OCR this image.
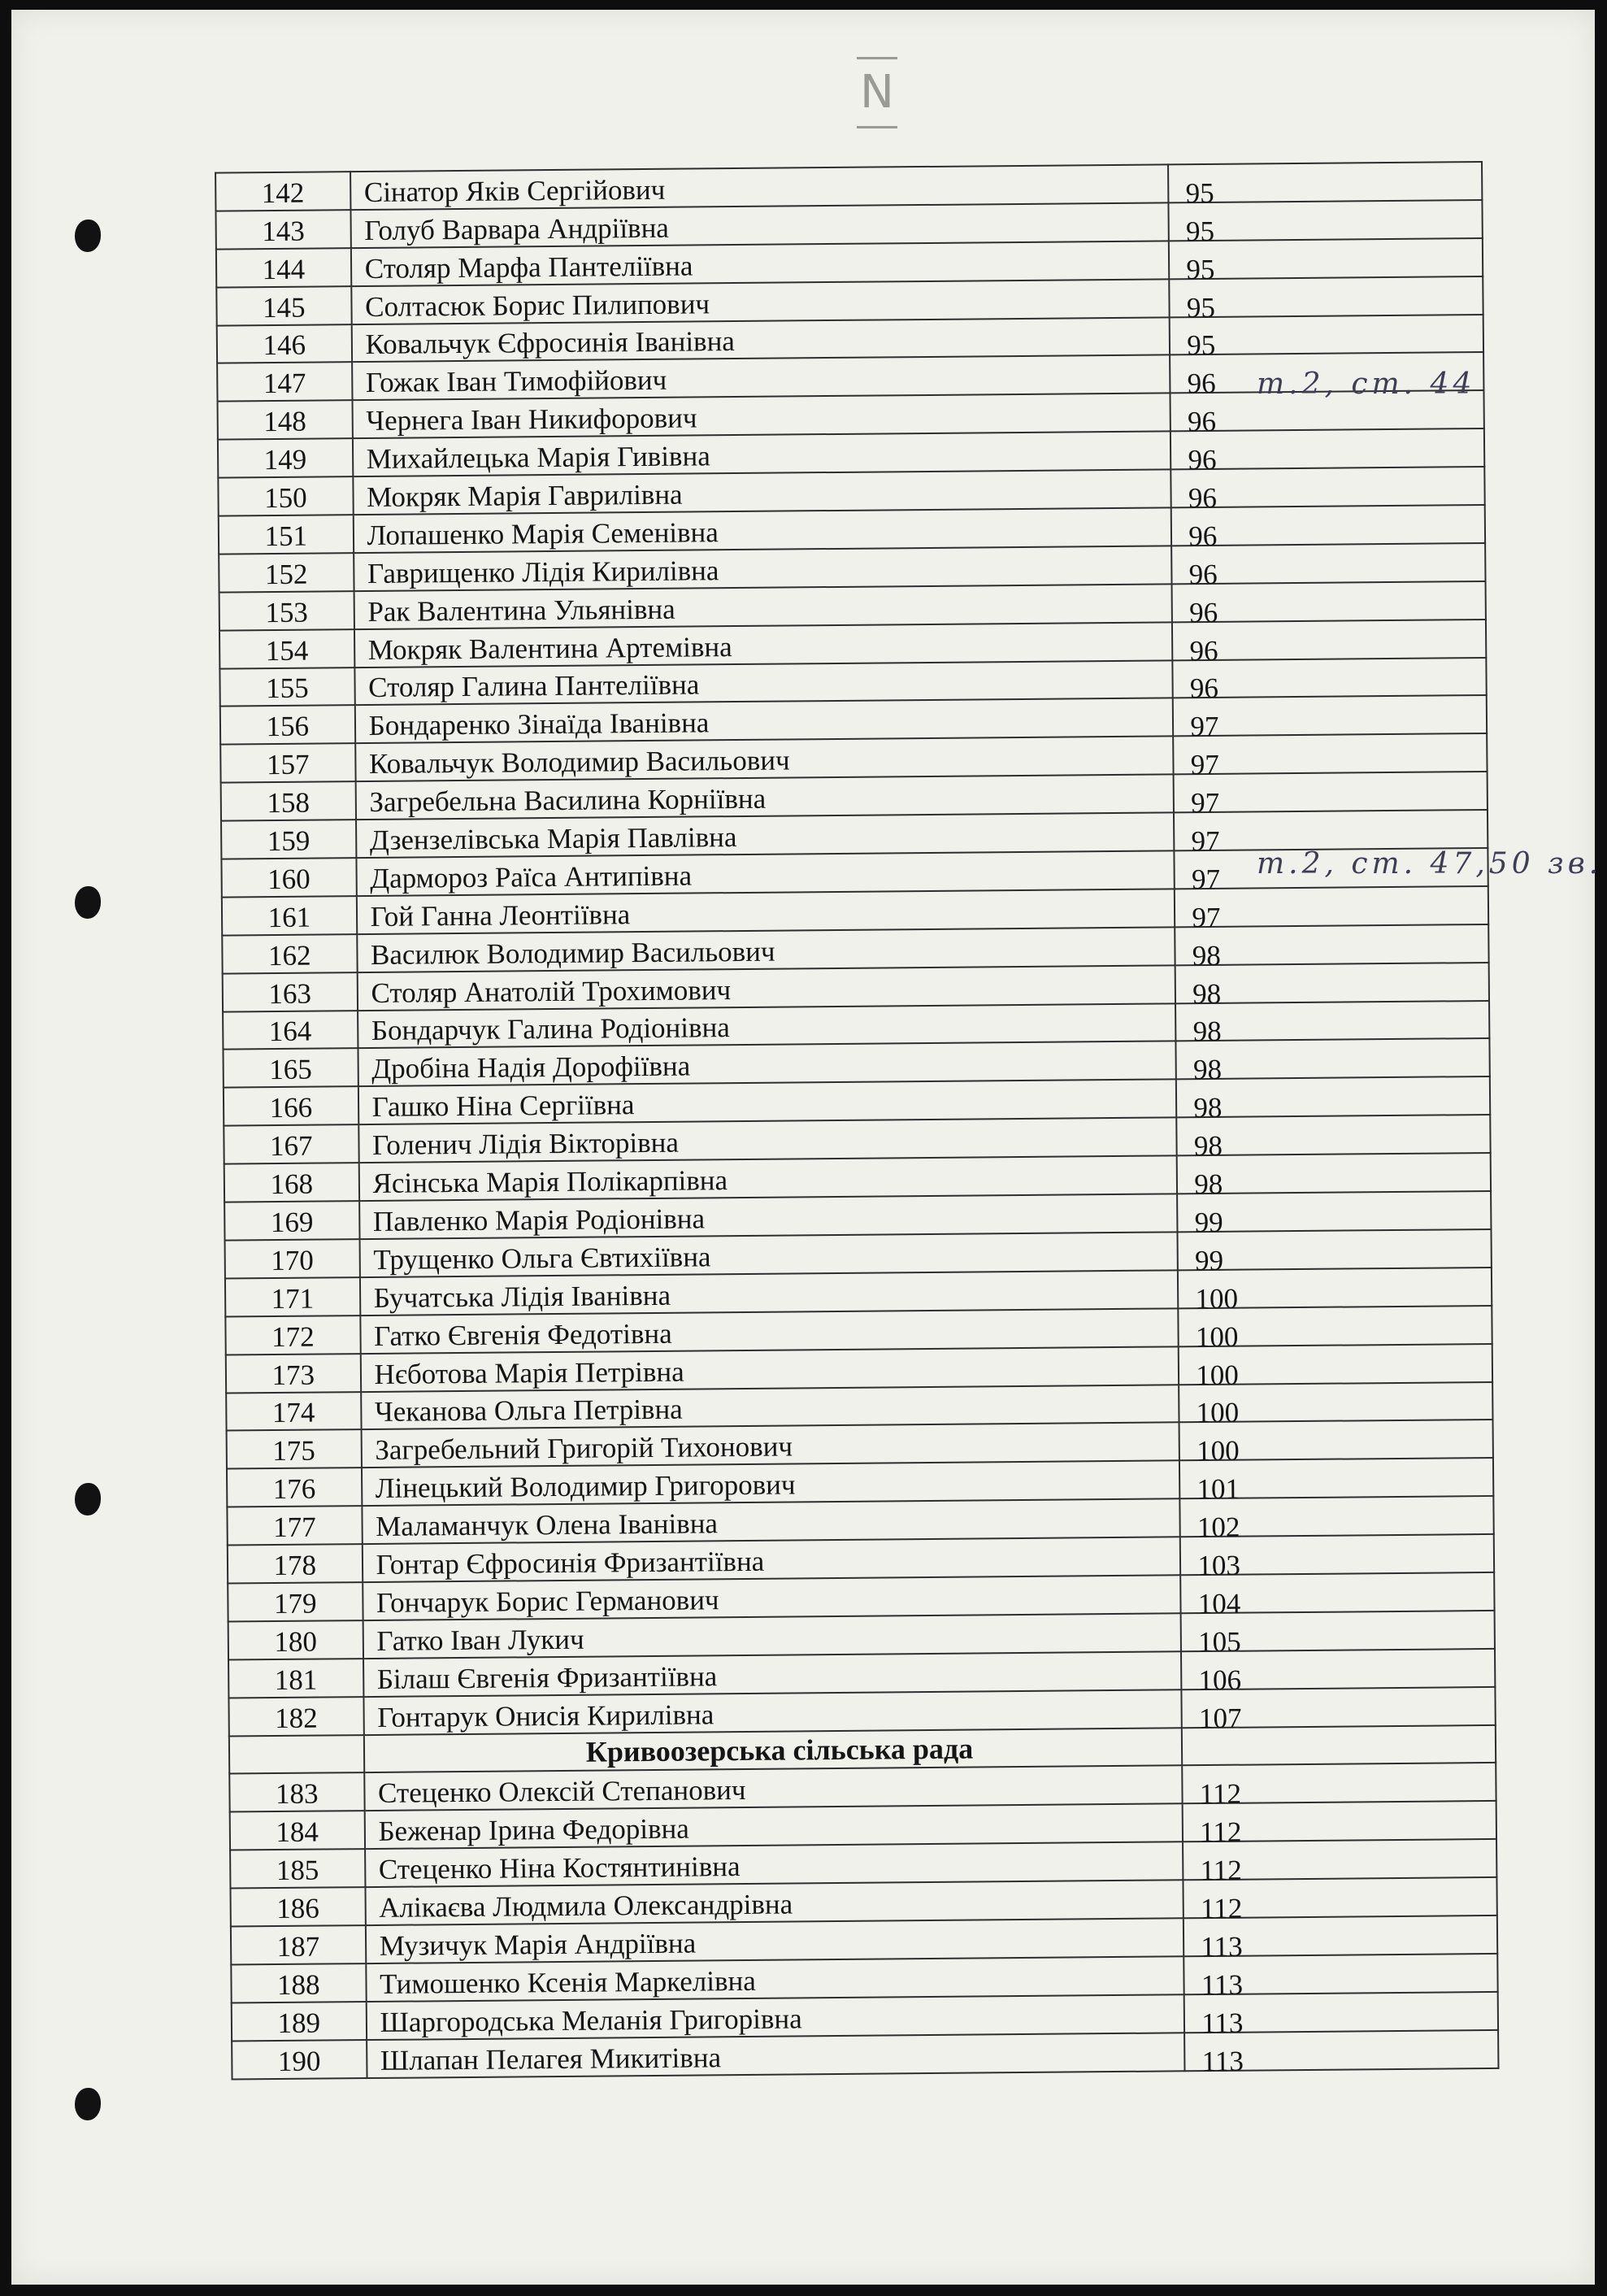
N
142	Сінатор Яків Сергійович	95
143	Голуб Варвара Андріївна	95
144	Столяр Марфа Пантеліївна	95
145	Солтасюк Борис Пилипович	95
146	Ковальчук Єфросинія Іванівна	95
147	Гожак Іван Тимофійович	96
148	Чернега Іван Никифорович	96
149	Михайлецька Марія Гивівна	96
150	Мокряк Марія Гаврилівна	96
151	Лопашенко Марія Семенівна	96
152	Гаврищенко Лідія Кирилівна	96
153	Рак Валентина Ульянівна	96
154	Мокряк Валентина Артемівна	96
155	Столяр Галина Пантеліївна	96
156	Бондаренко Зінаїда Іванівна	97
157	Ковальчук Володимир Васильович	97
158	Загребельна Василина Корніївна	97
159	Дзензелівська Марія Павлівна	97
160	Дарморoз Раїса Антипівна	97
161	Гой Ганна Леонтіївна	97
162	Василюк Володимир Васильович	98
163	Столяр Анатолій Трохимович	98
164	Бондарчук Галина Родіонівна	98
165	Дробіна Надія Дорофіївна	98
166	Гашко Ніна Сергіївна	98
167	Голенич Лідія Вікторівна	98
168	Ясінська Марія Полікарпівна	98
169	Павленко Марія Родіонівна	99
170	Трущенко Ольга Євтихіївна	99
171	Бучатська Лідія Іванівна	100
172	Гатко Євгенія Федотівна	100
173	Нєботова Марія Петрівна	100
174	Чеканова Ольга Петрівна	100
175	Загребельний Григорій Тихонович	100
176	Лінецький Володимир Григорович	101
177	Маламанчук Олена Іванівна	102
178	Гонтар Єфросинія Фризантіївна	103
179	Гончарук Борис Германович	104
180	Гатко Іван Лукич	105
181	Білаш Євгенія Фризантіївна	106
182	Гонтарук Онисія Кирилівна	107
	Кривоозерська сільська рада	
183	Стеценко Олексій Степанович	112
184	Беженар Ірина Федорівна	112
185	Стеценко Ніна Костянтинівна	112
186	Алікаєва Людмила Олександрівна	112
187	Музичук Марія Андріївна	113
188	Тимошенко Ксенія Маркелівна	113
189	Шаргородська Меланія Григорівна	113
190	Шлапан Пелагея Микитівна	113
т.2, ст. 44
т.2, ст. 47,50 зв.
